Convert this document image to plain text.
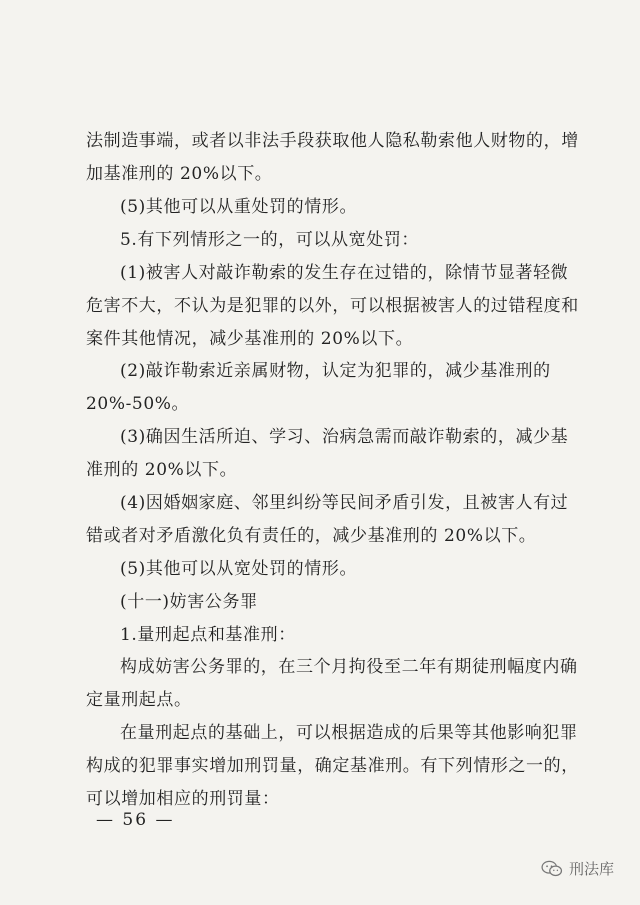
法制造事端，或者以非法手段获取他人隐私勒索他人财物的，增
加基准刑的 20%以下。
(5)其他可以从重处罚的情形。
5.有下列情形之一的，可以从宽处罚：
(1)被害人对敲诈勒索的发生存在过错的，除情节显著轻微
危害不大，不认为是犯罪的以外，可以根据被害人的过错程度和
案件其他情况，减少基准刑的 20%以下。
(2)敲诈勒索近亲属财物，认定为犯罪的，减少基准刑的
20%-50%。
(3)确因生活所迫、学习、治病急需而敲诈勒索的，减少基
准刑的 20%以下。
(4)因婚姻家庭、邻里纠纷等民间矛盾引发，且被害人有过
错或者对矛盾激化负有责任的，减少基准刑的 20%以下。
(5)其他可以从宽处罚的情形。
(十一)妨害公务罪
1.量刑起点和基准刑：
构成妨害公务罪的，在三个月拘役至二年有期徒刑幅度内确
定量刑起点。
在量刑起点的基础上，可以根据造成的后果等其他影响犯罪
构成的犯罪事实增加刑罚量，确定基准刑。有下列情形之一的，
可以增加相应的刑罚量：
— 56 —
刑法库
